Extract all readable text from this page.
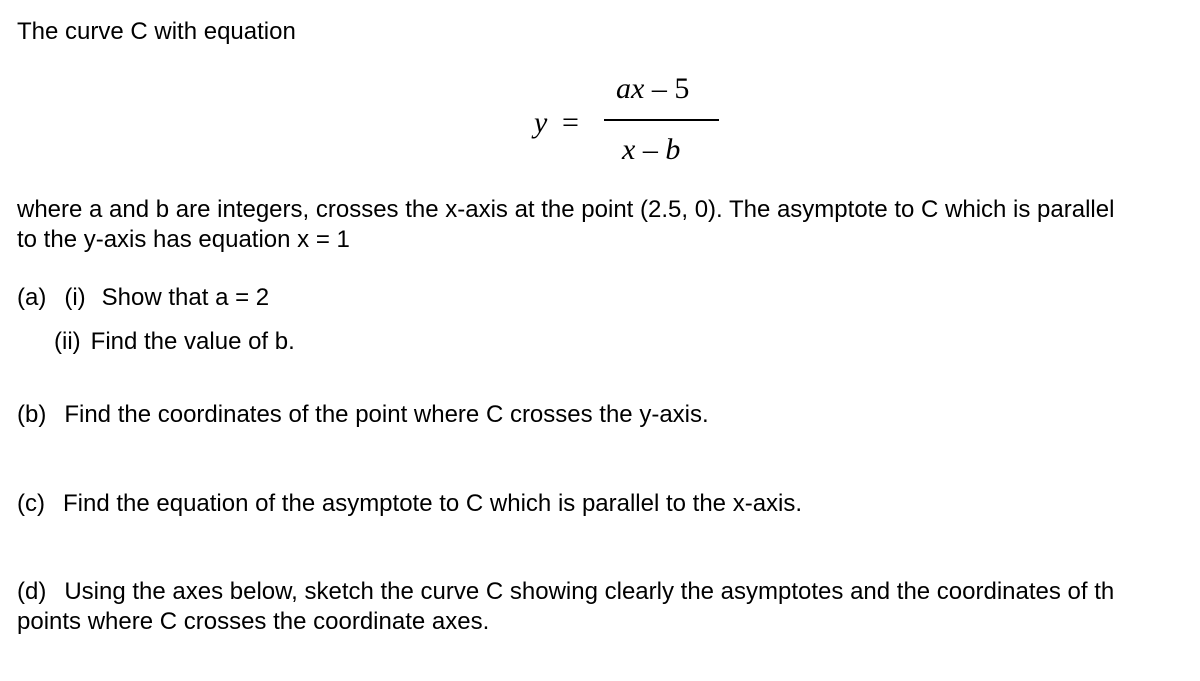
The curve C with equation
y =
ax – 5
x – b
where a and b are integers, crosses the x-axis at the point (2.5, 0). The asymptote to C which is parallel
to the y-axis has equation x = 1
(a) (i) Show that a = 2
(ii) Find the value of b.
(b) Find the coordinates of the point where C crosses the y-axis.
(c) Find the equation of the asymptote to C which is parallel to the x-axis.
(d) Using the axes below, sketch the curve C showing clearly the asymptotes and the coordinates of th
points where C crosses the coordinate axes.
